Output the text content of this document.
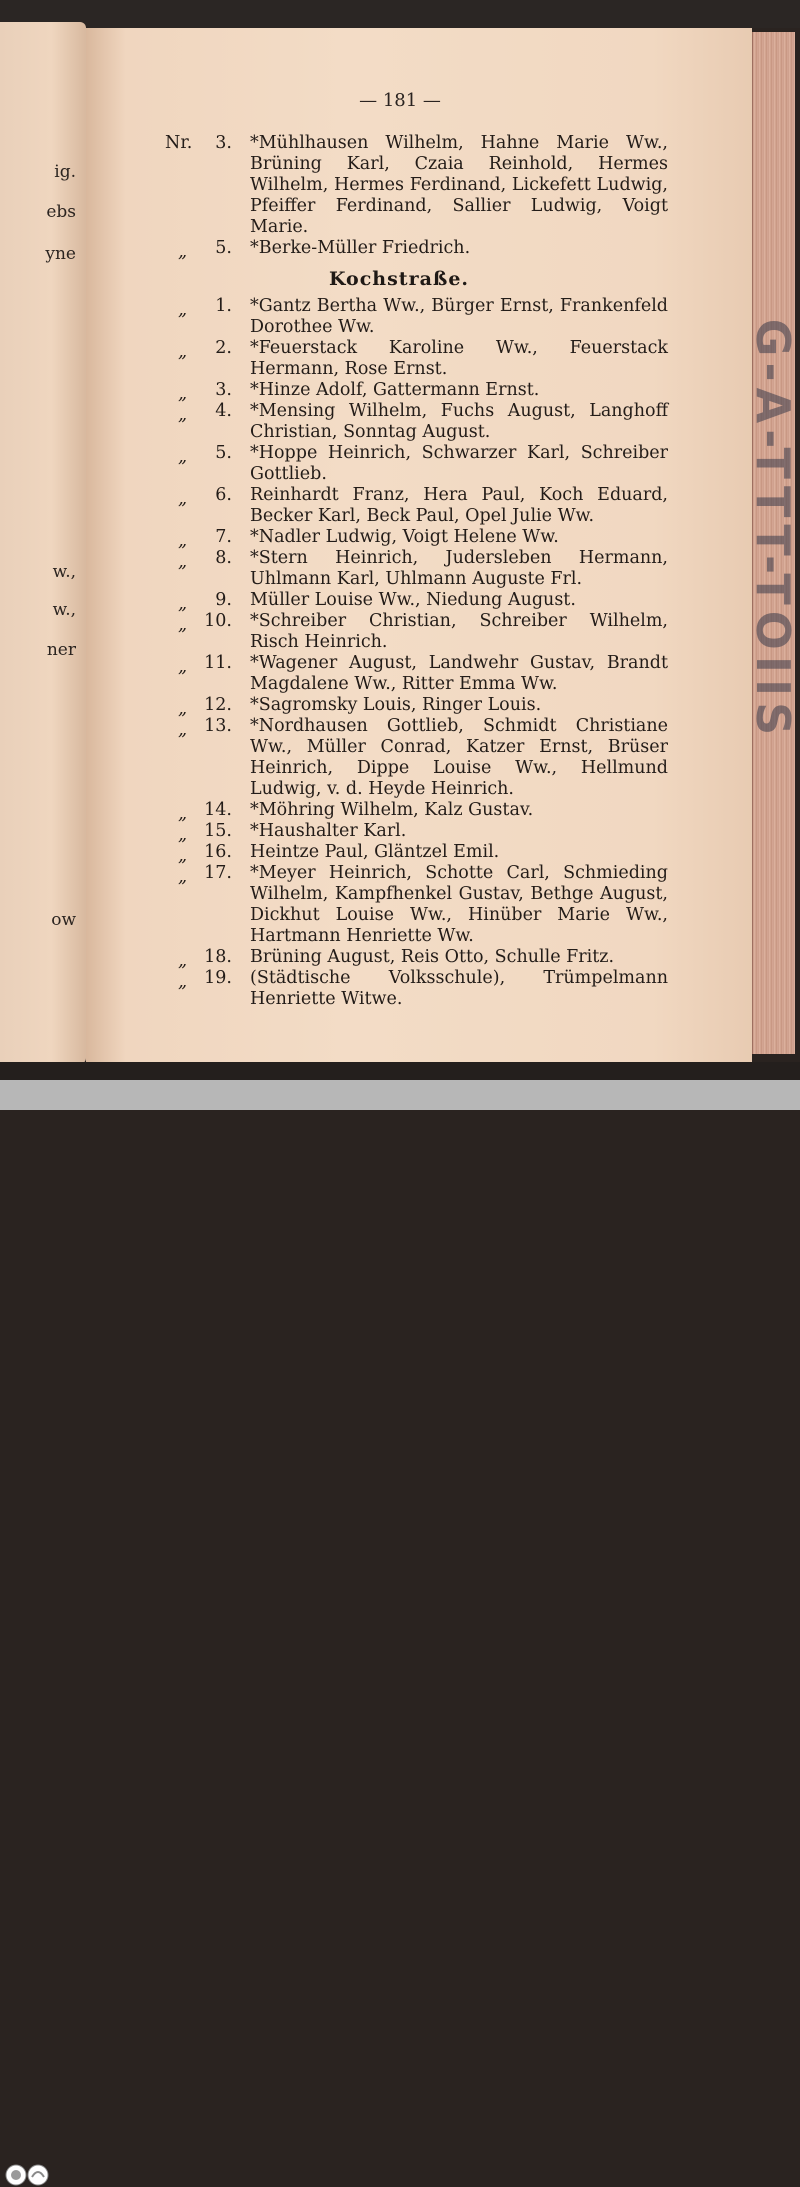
ig.
ebs
yne
w.,
w.,
ner
ow
G-A-TTT-TOIIS
— 181 —
Nr.	3. *Mühlhausen Wilhelm, Hahne Marie Ww., Brüning Karl, Czaia Reinhold, Hermes Wilhelm, Hermes Ferdinand, Lickefett Ludwig, Pfeiffer Ferdinand, Sallier Ludwig, Voigt Marie.
„	5. *Berke-Müller Friedrich.
Kochstraße.
„	1. *Gantz Bertha Ww., Bürger Ernst, Frankenfeld Dorothee Ww.
„	2. *Feuerstack Karoline Ww., Feuerstack Hermann, Rose Ernst.
„	3. *Hinze Adolf, Gattermann Ernst.
„	4. *Mensing Wilhelm, Fuchs August, Langhoff Christian, Sonntag August.
„	5. *Hoppe Heinrich, Schwarzer Karl, Schreiber Gottlieb.
„	6. Reinhardt Franz, Hera Paul, Koch Eduard, Becker Karl, Beck Paul, Opel Julie Ww.
„	7. *Nadler Ludwig, Voigt Helene Ww.
„	8. *Stern Heinrich, Judersleben Hermann, Uhlmann Karl, Uhlmann Auguste Frl.
„	9. Müller Louise Ww., Niedung August.
„ 10. *Schreiber Christian, Schreiber Wilhelm, Risch Heinrich.
„ 11. *Wagener August, Landwehr Gustav, Brandt Magdalene Ww., Ritter Emma Ww.
„ 12. *Sagromsky Louis, Ringer Louis.
„ 13. *Nordhausen Gottlieb, Schmidt Christiane Ww., Müller Conrad, Katzer Ernst, Brüser Heinrich, Dippe Louise Ww., Hellmund Ludwig, v. d. Heyde Heinrich.
„ 14. *Möhring Wilhelm, Kalz Gustav.
„ 15. *Haushalter Karl.
„ 16. Heintze Paul, Gläntzel Emil.
„ 17. *Meyer Heinrich, Schotte Carl, Schmieding Wilhelm, Kampfhenkel Gustav, Bethge August, Dickhut Louise Ww., Hinüber Marie Ww., Hartmann Henriette Ww.
„ 18. Brüning August, Reis Otto, Schulle Fritz.
„ 19. (Städtische Volksschule), Trümpelmann Henriette Witwe.
